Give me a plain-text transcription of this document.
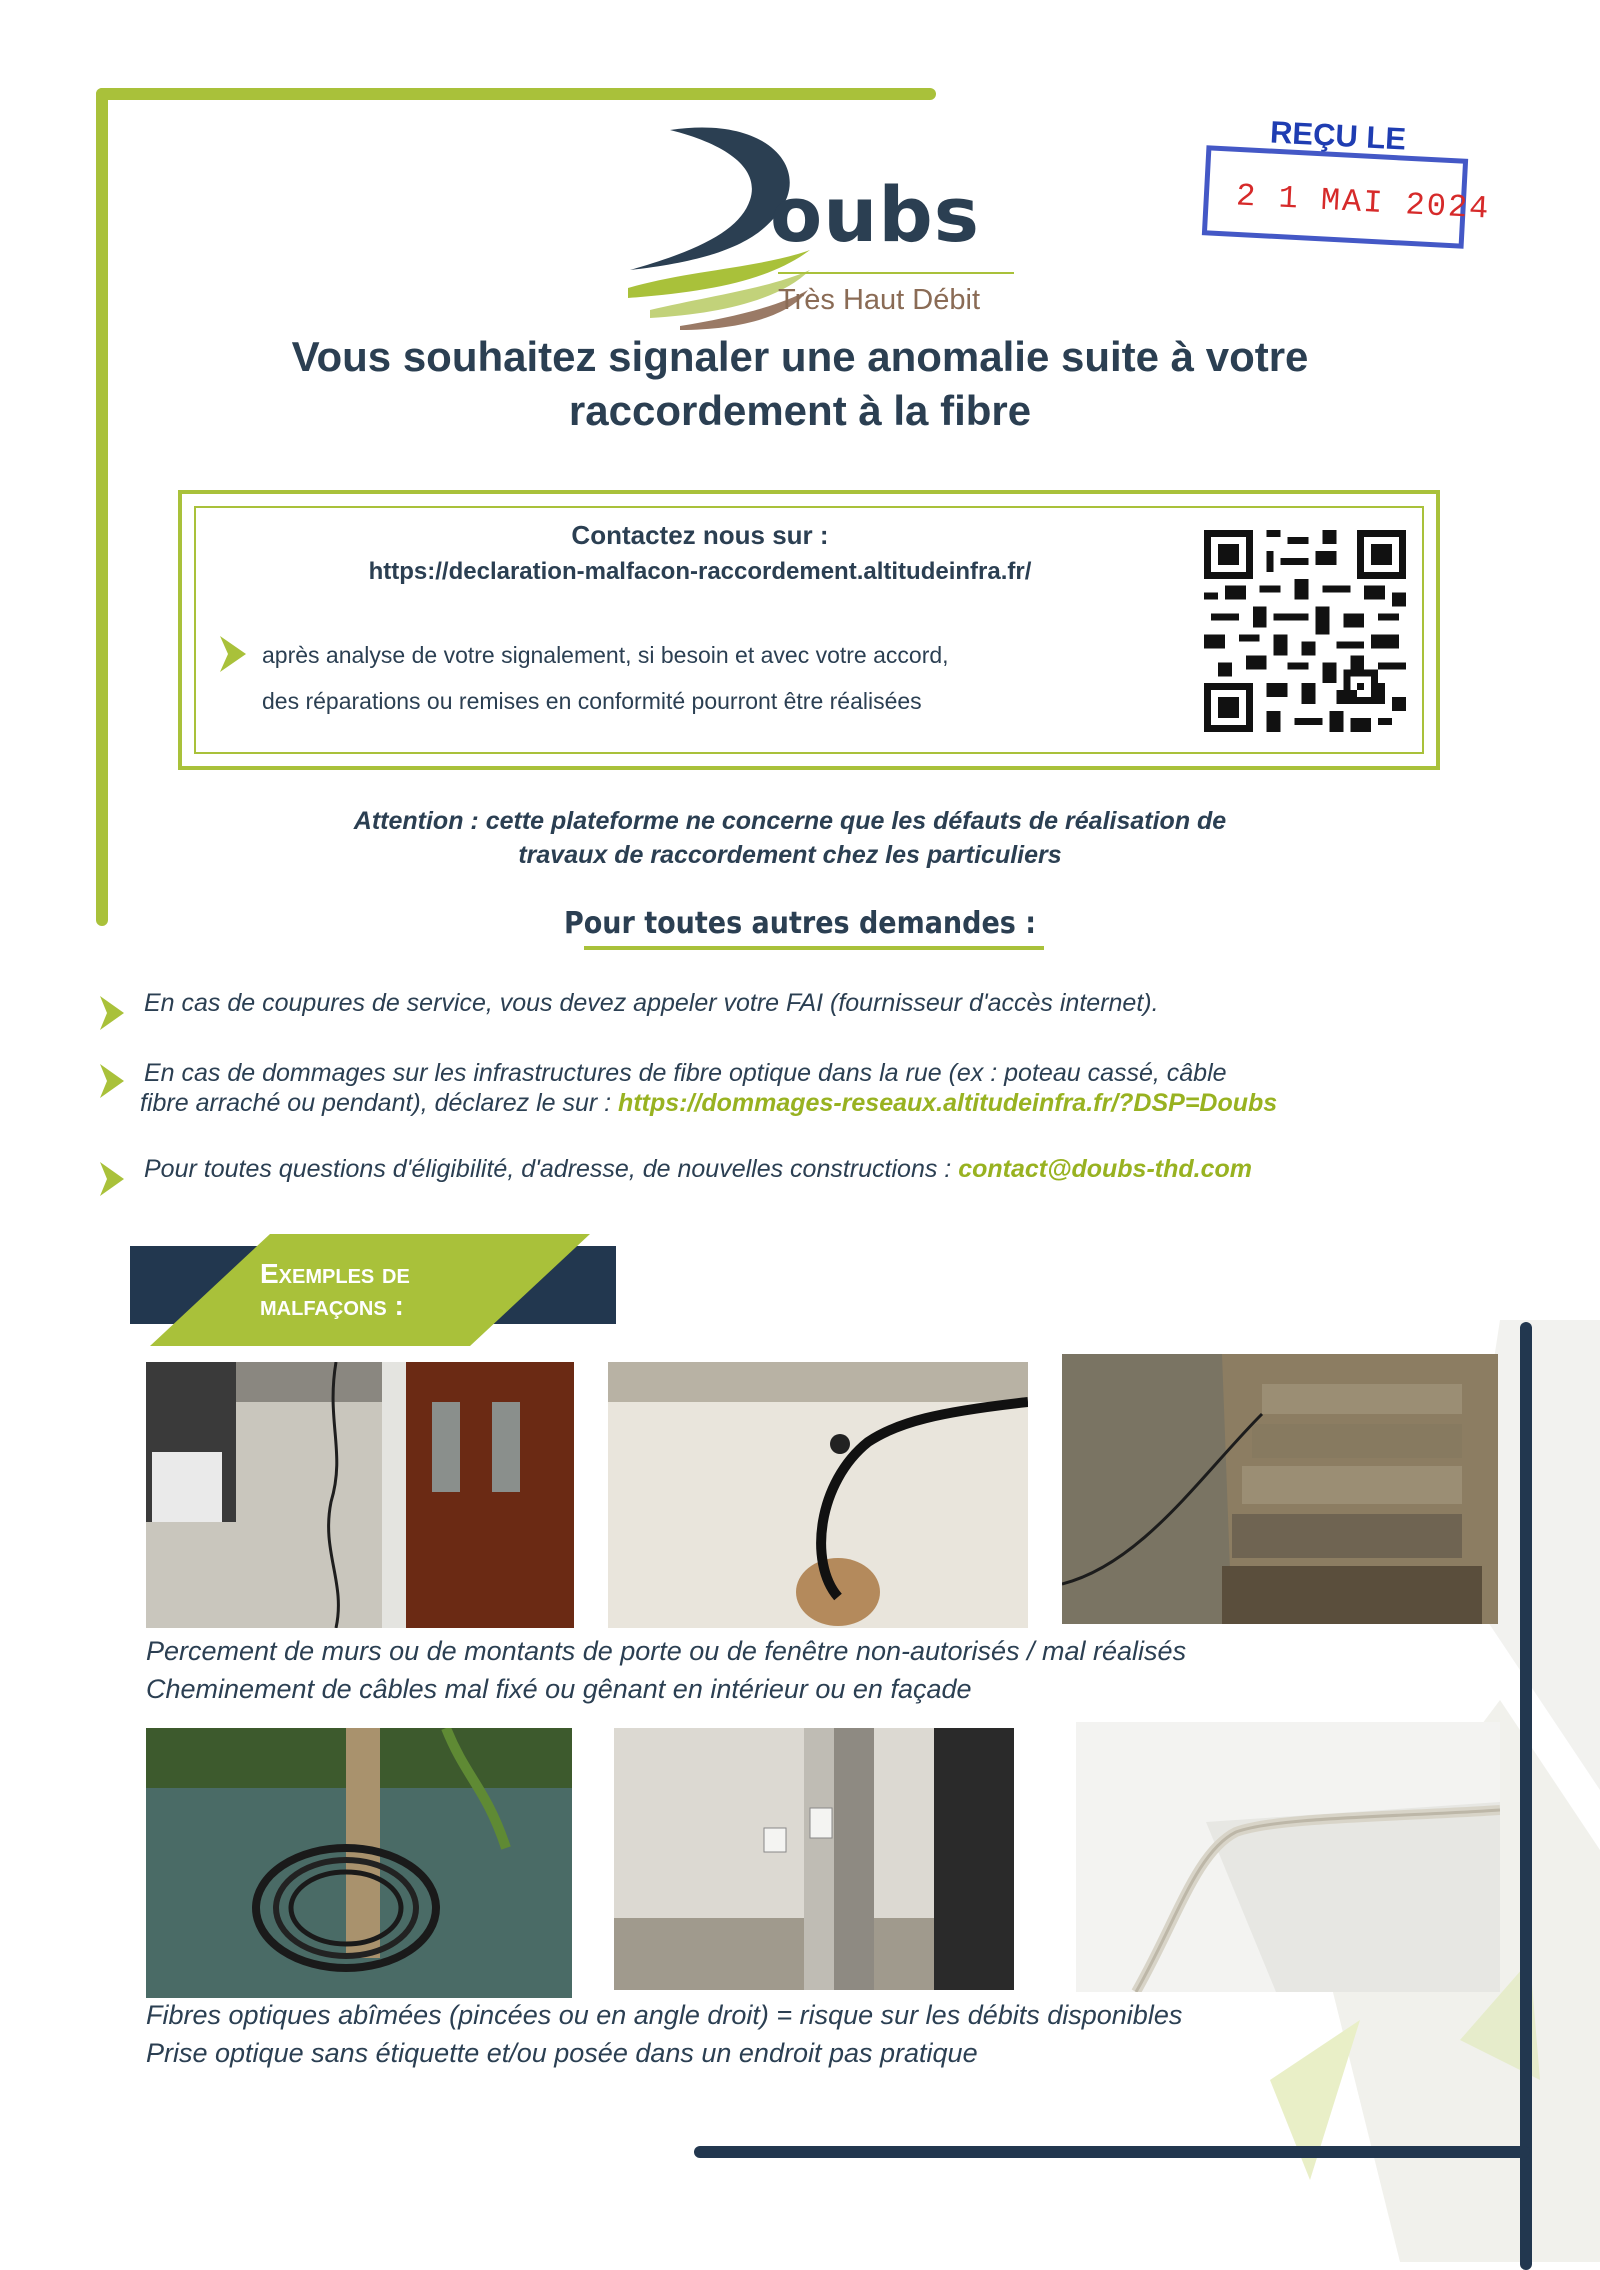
oubs
Très Haut Débit
REÇU LE
2 1 MAI 2024
Vous souhaitez signaler une anomalie suite à votre
raccordement à la fibre
Contactez nous sur :
https://declaration-malfacon-raccordement.altitudeinfra.fr/
après analyse de votre signalement, si besoin et avec votre accord,
des réparations ou remises en conformité pourront être réalisées
Attention : cette plateforme ne concerne que les défauts de réalisation de
travaux de raccordement chez les particuliers
Pour toutes autres demandes :
En cas de coupures de service, vous devez appeler votre FAI (fournisseur d'accès internet).
En cas de dommages sur les infrastructures de fibre optique dans la rue (ex : poteau cassé, câble
fibre arraché ou pendant), déclarez le sur : https://dommages-reseaux.altitudeinfra.fr/?DSP=Doubs
Pour toutes questions d'éligibilité, d'adresse, de nouvelles constructions : contact@doubs-thd.com
Exemples de
malfaçons :
Percement de murs ou de montants de porte ou de fenêtre non-autorisés / mal réalisés
Cheminement de câbles mal fixé ou gênant en intérieur ou en façade
Fibres optiques abîmées (pincées ou en angle droit) = risque sur les débits disponibles
Prise optique sans étiquette et/ou posée dans un endroit pas pratique
